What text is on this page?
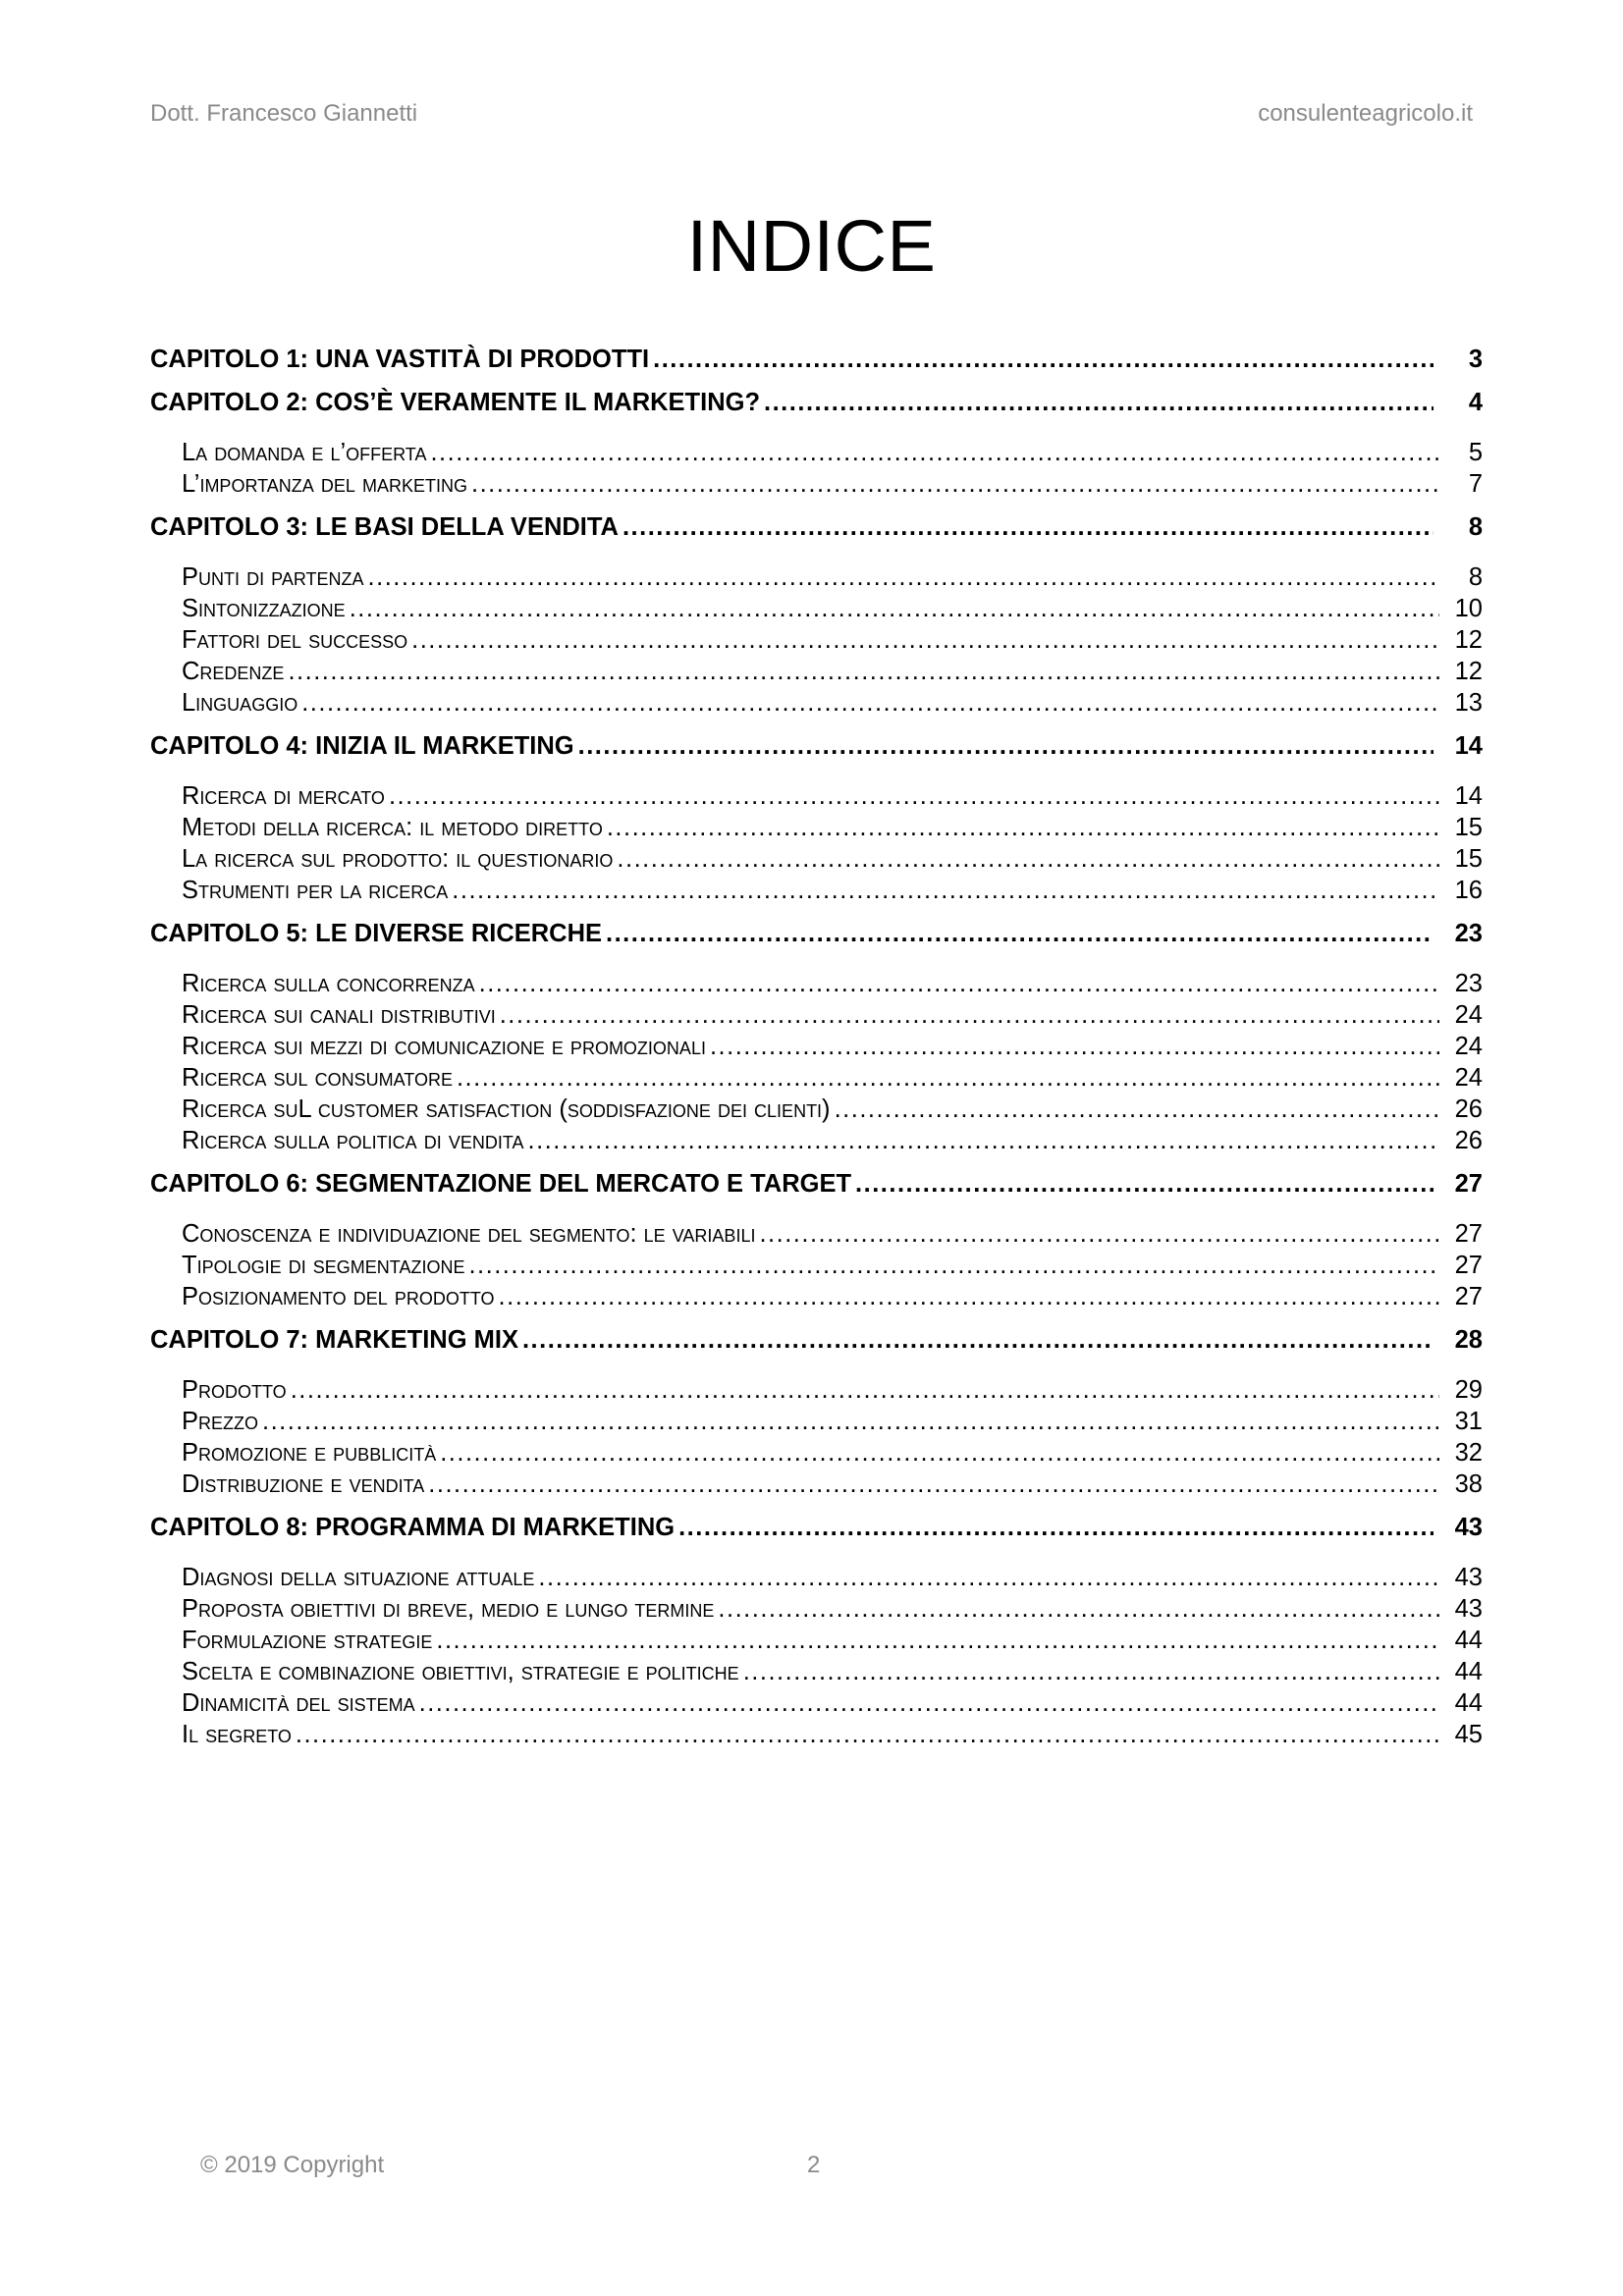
Dott. Francesco Giannetti	consulenteagricolo.it
INDICE
CAPITOLO 1: UNA VASTITÀ DI PRODOTTI .....	3
CAPITOLO 2: COS’È VERAMENTE IL MARKETING? .....	4
La domanda e l’offerta .....	5
L’importanza del marketing .....	7
CAPITOLO 3: LE BASI DELLA VENDITA .....	8
Punti di partenza .....	8
Sintonizzazione .....	10
Fattori del successo .....	12
Credenze .....	12
Linguaggio .....	13
CAPITOLO 4: INIZIA IL MARKETING .....	14
Ricerca di mercato .....	14
Metodi della ricerca: il metodo diretto .....	15
La ricerca sul prodotto: il questionario .....	15
Strumenti per la ricerca .....	16
CAPITOLO 5: LE DIVERSE RICERCHE .....	23
Ricerca sulla concorrenza .....	23
Ricerca sui canali distributivi .....	24
Ricerca sui mezzi di comunicazione e promozionali .....	24
Ricerca sul consumatore .....	24
Ricerca suL customer satisfaction (soddisfazione dei clienti) .....	26
Ricerca sulla politica di vendita .....	26
CAPITOLO 6: SEGMENTAZIONE DEL MERCATO E TARGET .....	27
Conoscenza e individuazione del segmento: le variabili .....	27
Tipologie di segmentazione .....	27
Posizionamento del prodotto .....	27
CAPITOLO 7: MARKETING MIX .....	28
Prodotto .....	29
Prezzo .....	31
Promozione e pubblicità .....	32
Distribuzione e vendita .....	38
CAPITOLO 8: PROGRAMMA DI MARKETING .....	43
Diagnosi della situazione attuale .....	43
Proposta obiettivi di breve, medio e lungo termine .....	43
Formulazione strategie .....	44
Scelta e combinazione obiettivi, strategie e politiche .....	44
Dinamicità del sistema .....	44
Il segreto .....	45
© 2019 Copyright	2
